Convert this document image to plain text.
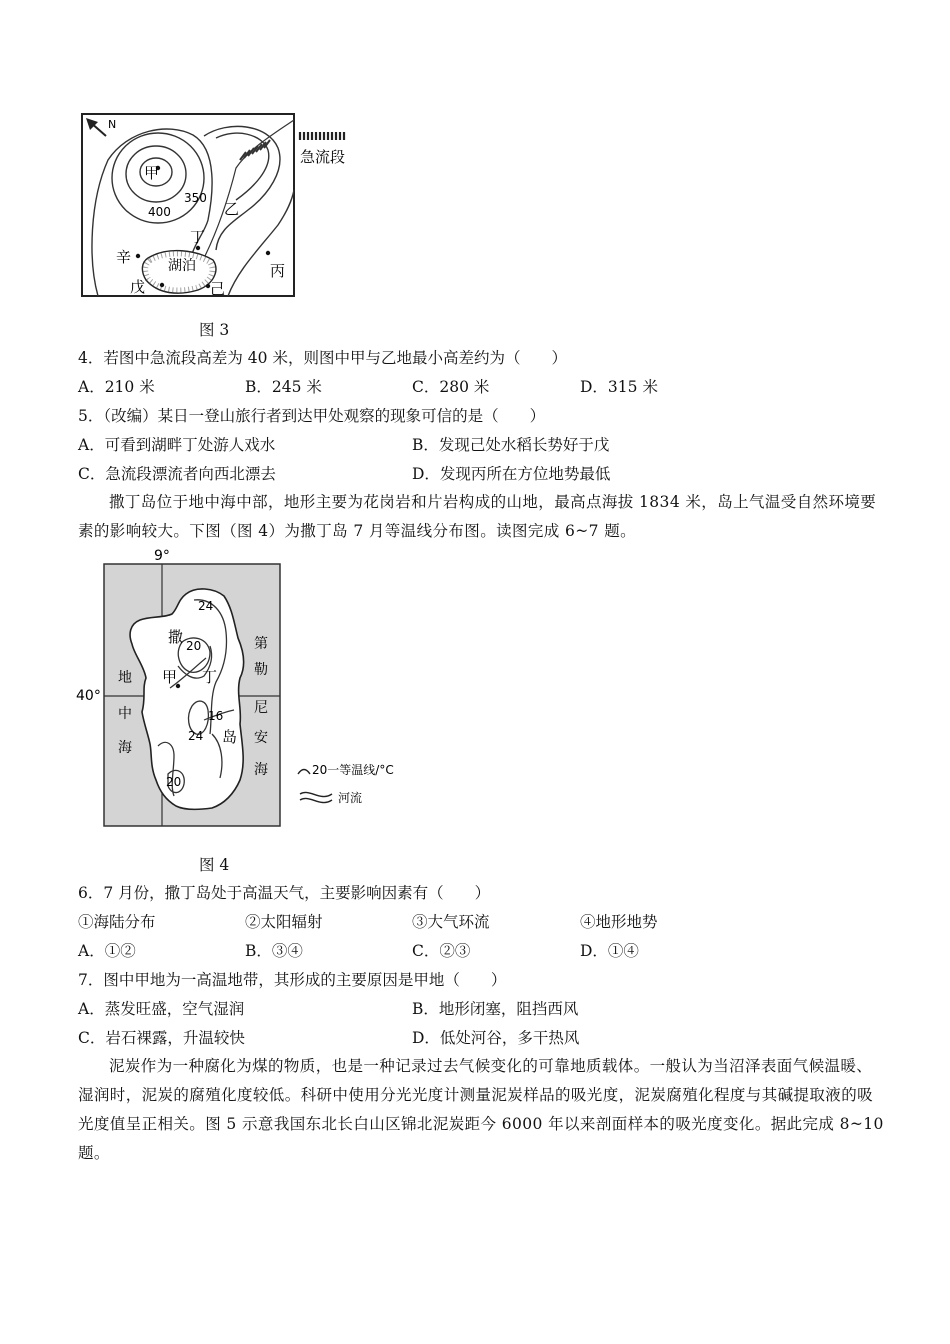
N
甲
乙
丙
丁
戊	己
辛	湖泊
400
350
急流段
图 3
4．若图中急流段高差为 40 米，则图中甲与乙地最小高差约为（　　）
A．210 米	B．245 米	C．280 米	D．315 米
5．（改编）某日一登山旅行者到达甲处观察的现象可信的是（　　）
A．可看到湖畔丁处游人戏水	B．发现己处水稻长势好于戊
C．急流段漂流者向西北漂去	D．发现丙所在方位地势最低
撒丁岛位于地中海中部，地形主要为花岗岩和片岩构成的山地，最高点海拔 1834 米，岛上气温受自然环境要素的影响较大。下图（图 4）为撒丁岛 7 月等温线分布图。读图完成 6~7 题。
9°
40°
撒
丁
岛
甲
24
20
16
24
20
地
中
海
第
勒
尼
安
海	20一等温线/°C
河流
图 4
6．7 月份，撒丁岛处于高温天气，主要影响因素有（　　）
①海陆分布	②太阳辐射	③大气环流	④地形地势
A．①②	B．③④	C．②③	D．①④
7．图中甲地为一高温地带，其形成的主要原因是甲地（　　）
A．蒸发旺盛，空气湿润	B．地形闭塞，阻挡西风
C．岩石裸露，升温较快	D．低处河谷，多干热风
泥炭作为一种腐化为煤的物质，也是一种记录过去气候变化的可靠地质载体。一般认为当沼泽表面气候温暖、湿润时，泥炭的腐殖化度较低。科研中使用分光光度计测量泥炭样品的吸光度，泥炭腐殖化程度与其碱提取液的吸光度值呈正相关。图 5 示意我国东北长白山区锦北泥炭距今 6000 年以来剖面样本的吸光度变化。据此完成 8~10 题。
